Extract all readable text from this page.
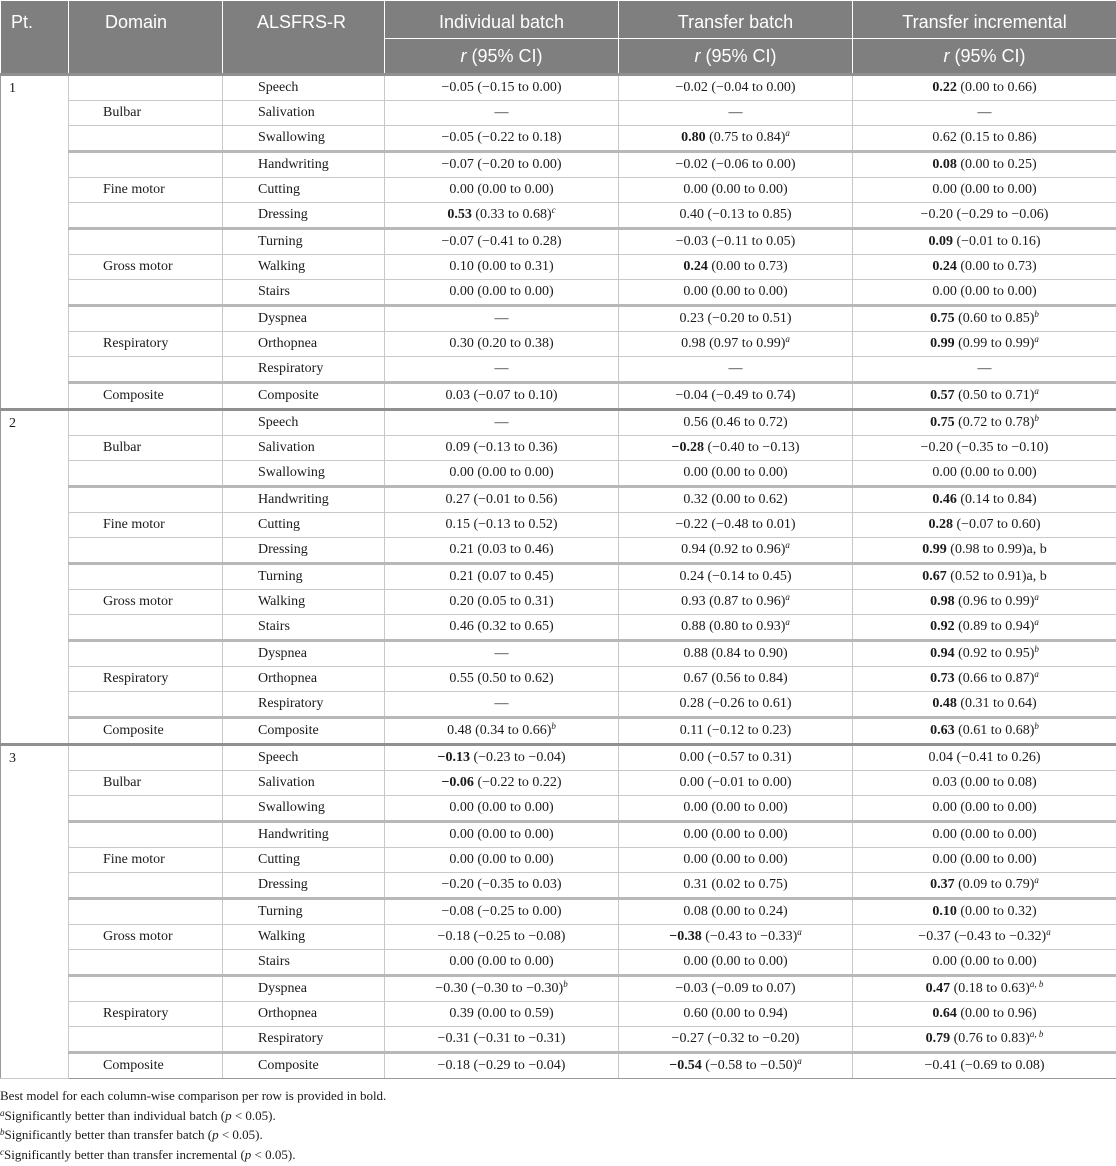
Pt.	Domain	ALSFRS-R	Individual batch	Transfer batch	Transfer incremental
			r (95% CI)	r (95% CI)	r (95% CI)
1		Speech	−0.05 (−0.15 to 0.00)	−0.02 (−0.04 to 0.00)	0.22 (0.00 to 0.66)
	Bulbar	Salivation	—	—	—
		Swallowing	−0.05 (−0.22 to 0.18)	0.80 (0.75 to 0.84)$^a$	0.62 (0.15 to 0.86)
		Handwriting	−0.07 (−0.20 to 0.00)	−0.02 (−0.06 to 0.00)	0.08 (0.00 to 0.25)
	Fine motor	Cutting	0.00 (0.00 to 0.00)	0.00 (0.00 to 0.00)	0.00 (0.00 to 0.00)
		Dressing	0.53 (0.33 to 0.68)$^c$	0.40 (−0.13 to 0.85)	−0.20 (−0.29 to −0.06)
		Turning	−0.07 (−0.41 to 0.28)	−0.03 (−0.11 to 0.05)	0.09 (−0.01 to 0.16)
	Gross motor	Walking	0.10 (0.00 to 0.31)	0.24 (0.00 to 0.73)	0.24 (0.00 to 0.73)
		Stairs	0.00 (0.00 to 0.00)	0.00 (0.00 to 0.00)	0.00 (0.00 to 0.00)
		Dyspnea	—	0.23 (−0.20 to 0.51)	0.75 (0.60 to 0.85)$^b$
	Respiratory	Orthopnea	0.30 (0.20 to 0.38)	0.98 (0.97 to 0.99)$^a$	0.99 (0.99 to 0.99)$^a$
		Respiratory	—	—	—
	Composite	Composite	0.03 (−0.07 to 0.10)	−0.04 (−0.49 to 0.74)	0.57 (0.50 to 0.71)$^a$
2		Speech	—	0.56 (0.46 to 0.72)	0.75 (0.72 to 0.78)$^b$
	Bulbar	Salivation	0.09 (−0.13 to 0.36)	−0.28 (−0.40 to −0.13)	−0.20 (−0.35 to −0.10)
		Swallowing	0.00 (0.00 to 0.00)	0.00 (0.00 to 0.00)	0.00 (0.00 to 0.00)
		Handwriting	0.27 (−0.01 to 0.56)	0.32 (0.00 to 0.62)	0.46 (0.14 to 0.84)
	Fine motor	Cutting	0.15 (−0.13 to 0.52)	−0.22 (−0.48 to 0.01)	0.28 (−0.07 to 0.60)
		Dressing	0.21 (0.03 to 0.46)	0.94 (0.92 to 0.96)$^a$	0.99 (0.98 to 0.99)a, b
		Turning	0.21 (0.07 to 0.45)	0.24 (−0.14 to 0.45)	0.67 (0.52 to 0.91)a, b
	Gross motor	Walking	0.20 (0.05 to 0.31)	0.93 (0.87 to 0.96)$^a$	0.98 (0.96 to 0.99)$^a$
		Stairs	0.46 (0.32 to 0.65)	0.88 (0.80 to 0.93)$^a$	0.92 (0.89 to 0.94)$^a$
		Dyspnea	—	0.88 (0.84 to 0.90)	0.94 (0.92 to 0.95)$^b$
	Respiratory	Orthopnea	0.55 (0.50 to 0.62)	0.67 (0.56 to 0.84)	0.73 (0.66 to 0.87)$^a$
		Respiratory	—	0.28 (−0.26 to 0.61)	0.48 (0.31 to 0.64)
	Composite	Composite	0.48 (0.34 to 0.66)$^b$	0.11 (−0.12 to 0.23)	0.63 (0.61 to 0.68)$^b$
3		Speech	−0.13 (−0.23 to −0.04)	0.00 (−0.57 to 0.31)	0.04 (−0.41 to 0.26)
	Bulbar	Salivation	−0.06 (−0.22 to 0.22)	0.00 (−0.01 to 0.00)	0.03 (0.00 to 0.08)
		Swallowing	0.00 (0.00 to 0.00)	0.00 (0.00 to 0.00)	0.00 (0.00 to 0.00)
		Handwriting	0.00 (0.00 to 0.00)	0.00 (0.00 to 0.00)	0.00 (0.00 to 0.00)
	Fine motor	Cutting	0.00 (0.00 to 0.00)	0.00 (0.00 to 0.00)	0.00 (0.00 to 0.00)
		Dressing	−0.20 (−0.35 to 0.03)	0.31 (0.02 to 0.75)	0.37 (0.09 to 0.79)$^a$
		Turning	−0.08 (−0.25 to 0.00)	0.08 (0.00 to 0.24)	0.10 (0.00 to 0.32)
	Gross motor	Walking	−0.18 (−0.25 to −0.08)	−0.38 (−0.43 to −0.33)$^a$	−0.37 (−0.43 to −0.32)$^a$
		Stairs	0.00 (0.00 to 0.00)	0.00 (0.00 to 0.00)	0.00 (0.00 to 0.00)
		Dyspnea	−0.30 (−0.30 to −0.30)$^b$	−0.03 (−0.09 to 0.07)	0.47 (0.18 to 0.63)$^{a, b}$
	Respiratory	Orthopnea	0.39 (0.00 to 0.59)	0.60 (0.00 to 0.94)	0.64 (0.00 to 0.96)
		Respiratory	−0.31 (−0.31 to −0.31)	−0.27 (−0.32 to −0.20)	0.79 (0.76 to 0.83)$^{a, b}$
	Composite	Composite	−0.18 (−0.29 to −0.04)	−0.54 (−0.58 to −0.50)$^a$	−0.41 (−0.69 to 0.08)
Best model for each column-wise comparison per row is provided in bold.
$^a$Significantly better than individual batch (p < 0.05).
$^b$Significantly better than transfer batch (p < 0.05).
$^c$Significantly better than transfer incremental (p < 0.05).
